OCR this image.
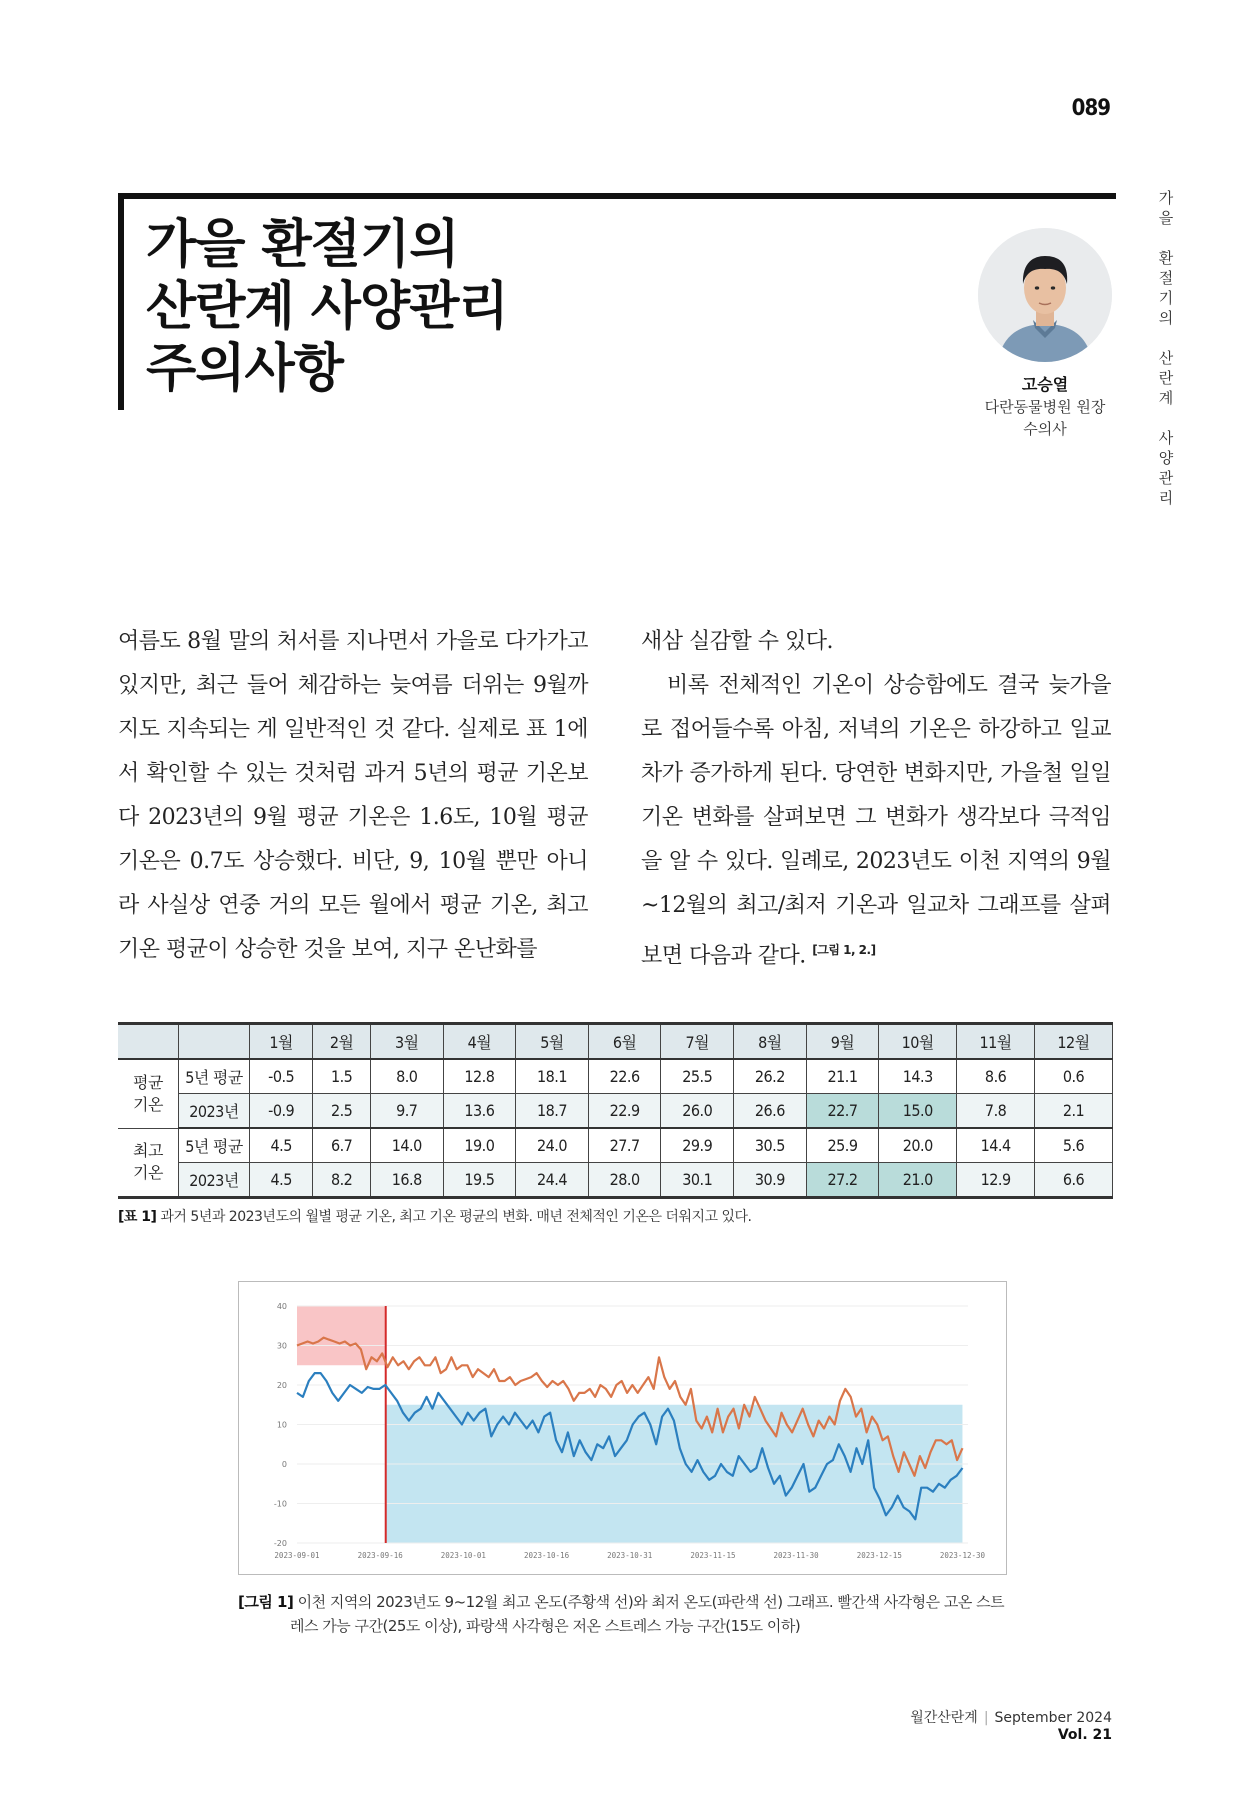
089
가을 환절기의
산란계 사양관리
주의사항
가
을
환
절
기
의
산
란
계
사
양
관
리
고승열
다란동물병원 원장
수의사

여름도 8월 말의 처서를 지나면서 가을로 다가가고 있지만, 최근 들어 체감하는 늦여름 더위는 9월까지도 지속되는 게 일반적인 것 같다. 실제로 표 1에서 확인할 수 있는 것처럼 과거 5년의 평균 기온보다 2023년의 9월 평균 기온은 1.6도, 10월 평균 기온은 0.7도 상승했다. 비단, 9, 10월 뿐만 아니라 사실상 연중 거의 모든 월에서 평균 기온, 최고 기온 평균이 상승한 것을 보여, 지구 온난화를

새삼 실감할 수 있다.

비록 전체적인 기온이 상승함에도 결국 늦가을로 접어들수록 아침, 저녁의 기온은 하강하고 일교차가 증가하게 된다. 당연한 변화지만, 가을철 일일 기온 변화를 살펴보면 그 변화가 생각보다 극적임을 알 수 있다. 일례로, 2023년도 이천 지역의 9월~12월의 최고/최저 기온과 일교차 그래프를 살펴보면 다음과 같다. [그림 1, 2.]

		1월	2월	3월	4월	5월	6월	7월	8월	9월	10월	11월	12월

평균
기온	5년 평균	-0.5	1.5	8.0	12.8	18.1	22.6	25.5	26.2	21.1	14.3	8.6	0.6
	2023년	-0.9	2.5	9.7	13.6	18.7	22.9	26.0	26.6	22.7	15.0	7.8	2.1

최고
기온	5년 평균	4.5	6.7	14.0	19.0	24.0	27.7	29.9	30.5	25.9	20.0	14.4	5.6
	2023년	4.5	8.2	16.8	19.5	24.4	28.0	30.1	30.9	27.2	21.0	12.9	6.6
[표 1] 과거 5년과 2023년도의 월별 평균 기온, 최고 기온 평균의 변화. 매년 전체적인 기온은 더워지고 있다.
40
30
20
10
0
-10
-20
2023-09-01	2023-09-16	2023-10-01	2023-10-16	2023-10-31	2023-11-15	2023-11-30	2023-12-15	2023-12-30
[그림 1] 이천 지역의 2023년도 9~12월 최고 온도(주황색 선)와 최저 온도(파란색 선) 그래프. 빨간색 사각형은 고온 스트
레스 가능 구간(25도 이상), 파랑색 사각형은 저온 스트레스 가능 구간(15도 이하)
월간산란계 | September 2024 Vol. 21
